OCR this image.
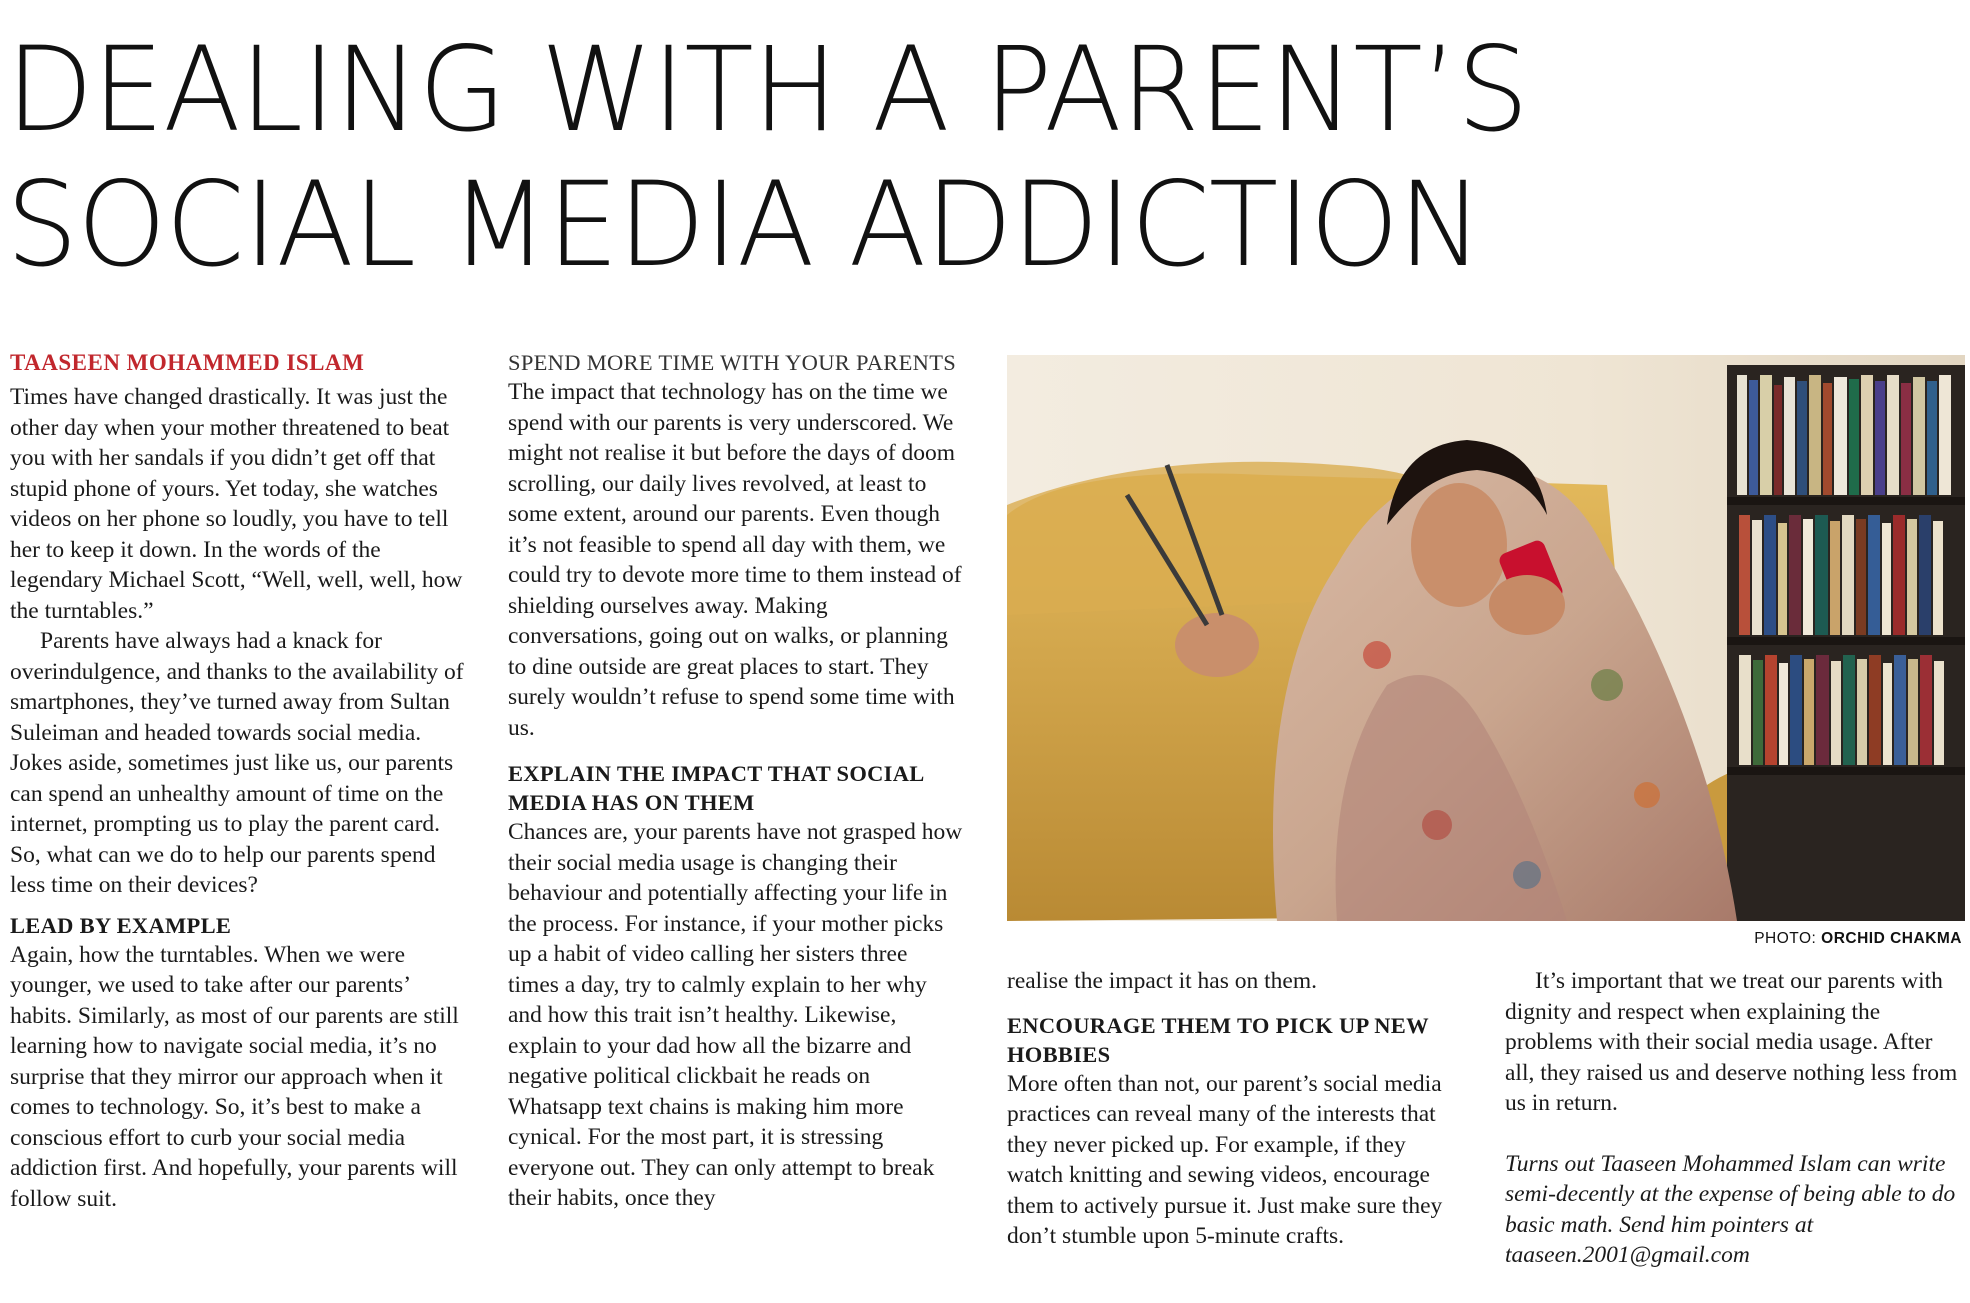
DEALING WITH A PARENT’S
SOCIAL MEDIA ADDICTION
TAASEEN MOHAMMED ISLAM

Times have changed drastically. It was just the other day when your mother threatened to beat you with her sandals if you didn’t get off that stupid phone of yours. Yet today, she watches videos on her phone so loudly, you have to tell her to keep it down. In the words of the legendary Michael Scott, “Well, well, well, how the turntables.”

Parents have always had a knack for overindulgence, and thanks to the availability of smartphones, they’ve turned away from Sultan Suleiman and headed towards social media. Jokes aside, sometimes just like us, our parents can spend an unhealthy amount of time on the internet, prompting us to play the parent card. So, what can we do to help our parents spend less time on their devices?

LEAD BY EXAMPLE

Again, how the turntables. When we were younger, we used to take after our parents’ habits. Similarly, as most of our parents are still learning how to navigate social media, it’s no surprise that they mirror our approach when it comes to technology. So, it’s best to make a conscious effort to curb your social media addiction first. And hopefully, your parents will follow suit.

SPEND MORE TIME WITH YOUR PARENTS

The impact that technology has on the time we spend with our parents is very underscored. We might not realise it but before the days of doom scrolling, our daily lives revolved, at least to some extent, around our parents. Even though it’s not feasible to spend all day with them, we could try to devote more time to them instead of shielding ourselves away. Making conversations, going out on walks, or planning to dine outside are great places to start. They surely wouldn’t refuse to spend some time with us.

EXPLAIN THE IMPACT THAT SOCIAL MEDIA HAS ON THEM

Chances are, your parents have not grasped how their social media usage is changing their behaviour and potentially affecting your life in the process. For instance, if your mother picks up a habit of video calling her sisters three times a day, try to calmly explain to her why and how this trait isn’t healthy. Likewise, explain to your dad how all the bizarre and negative political clickbait he reads on Whatsapp text chains is making him more cynical. For the most part, it is stressing everyone out. They can only attempt to break their habits, once they

PHOTO: ORCHID CHAKMA

realise the impact it has on them.

ENCOURAGE THEM TO PICK UP NEW HOBBIES

More often than not, our parent’s social media practices can reveal many of the interests that they never picked up. For example, if they watch knitting and sewing videos, encourage them to actively pursue it. Just make sure they don’t stumble upon 5-minute crafts.

It’s important that we treat our parents with dignity and respect when explaining the problems with their social media usage. After all, they raised us and deserve nothing less from us in return.

Turns out Taaseen Mohammed Islam can write semi-decently at the expense of being able to do basic math. Send him pointers at taaseen.2001@gmail.com
